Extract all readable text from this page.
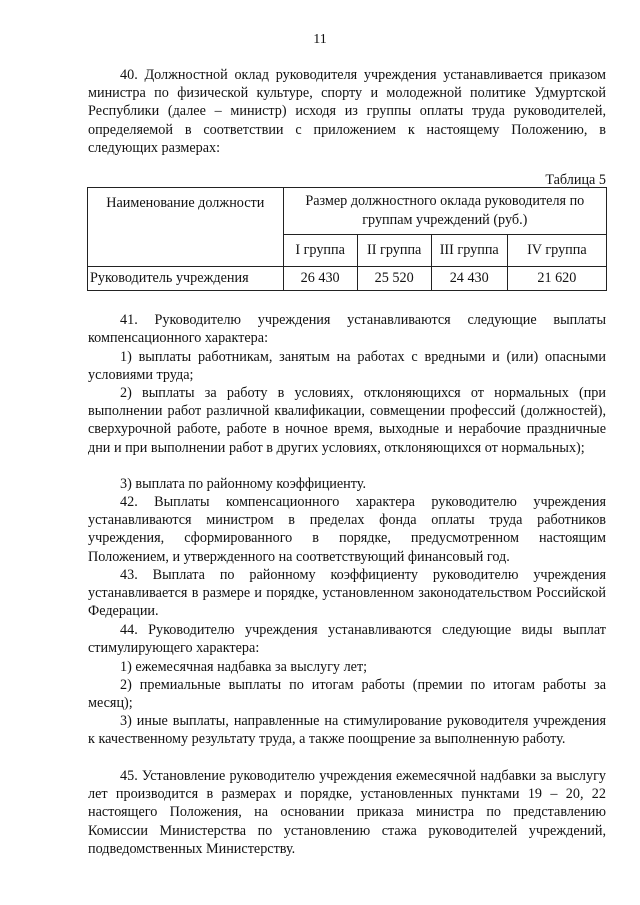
11

40. Должностной оклад руководителя учреждения устанавливается приказом министра по физической культуре, спорту и молодежной политике Удмуртской Республики (далее – министр) исходя из группы оплаты труда руководителей, определяемой в соответствии с приложением к настоящему Положению, в следующих размерах:

Таблица 5
Наименование должности	Размер должностного оклада руководителя по группам учреждений (руб.)			
	I группа	II группа	III группа	IV группа
Руководитель учреждения	26 430	25 520	24 430	21 620

41. Руководителю учреждения устанавливаются следующие выплаты компенсационного характера:

1) выплаты работникам, занятым на работах с вредными и (или) опасными условиями труда;

2) выплаты за работу в условиях, отклоняющихся от нормальных (при выполнении работ различной квалификации, совмещении профессий (должностей), сверхурочной работе, работе в ночное время, выходные и нерабочие праздничные дни и при выполнении работ в других условиях, отклоняющихся от нормальных);

3) выплата по районному коэффициенту.

42. Выплаты компенсационного характера руководителю учреждения устанавливаются министром в пределах фонда оплаты труда работников учреждения, сформированного в порядке, предусмотренном настоящим Положением, и утвержденного на соответствующий финансовый год.

43. Выплата по районному коэффициенту руководителю учреждения устанавливается в размере и порядке, установленном законодательством Российской Федерации.

44. Руководителю учреждения устанавливаются следующие виды выплат стимулирующего характера:

1) ежемесячная надбавка за выслугу лет;

2) премиальные выплаты по итогам работы (премии по итогам работы за месяц);

3) иные выплаты, направленные на стимулирование руководителя учреждения к качественному результату труда, а также поощрение за выполненную работу.

45. Установление руководителю учреждения ежемесячной надбавки за выслугу лет производится в размерах и порядке, установленных пунктами 19 – 20, 22 настоящего Положения, на основании приказа министра по представлению Комиссии Министерства по установлению стажа руководителей учреждений, подведомственных Министерству.
